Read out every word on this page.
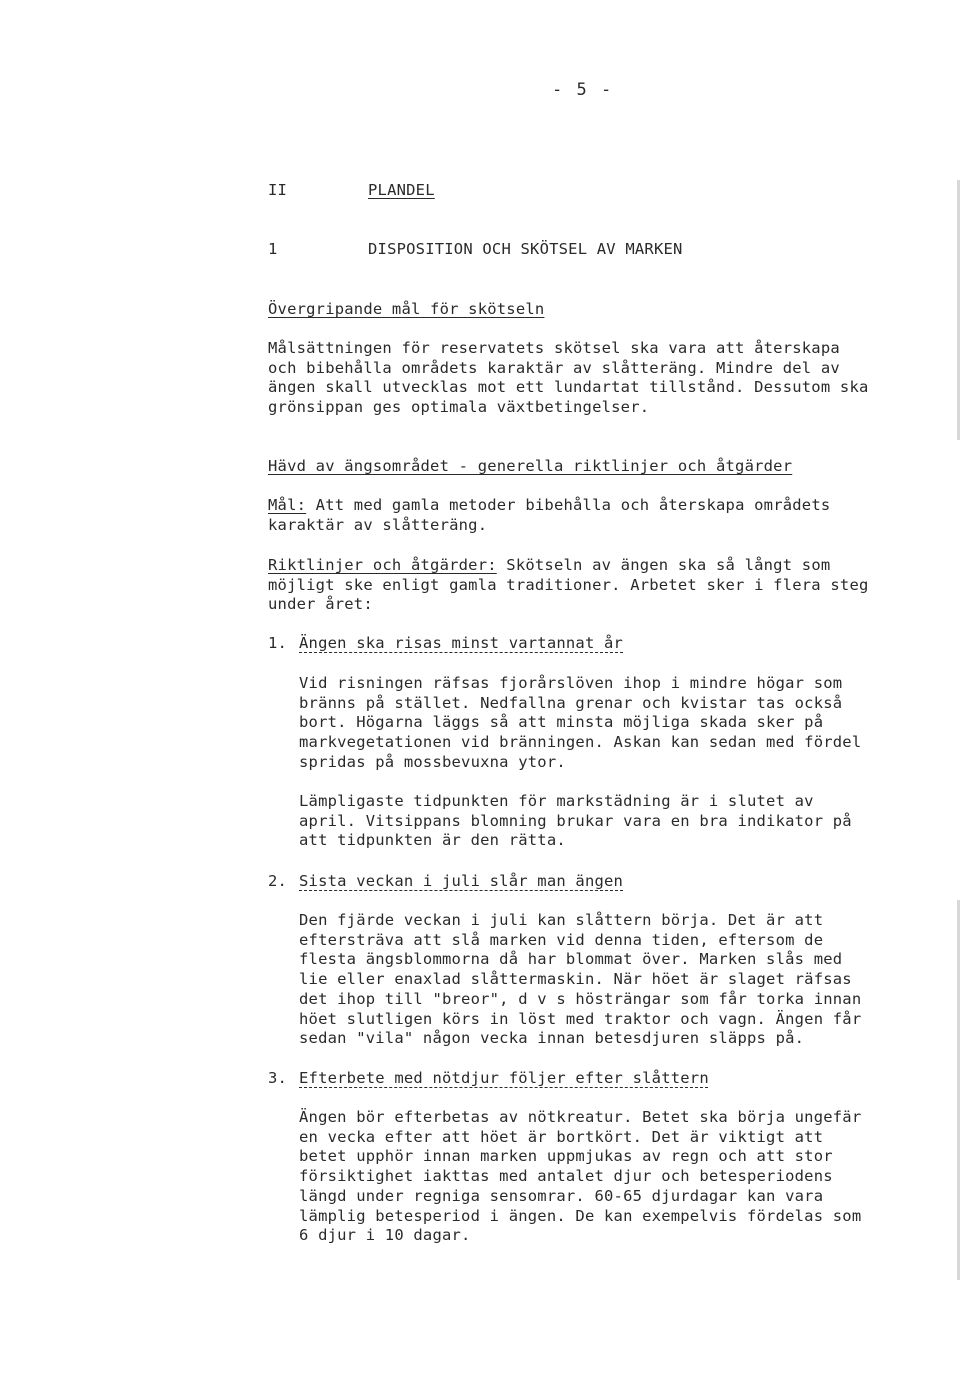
- 5 -
II	PLANDEL
1	DISPOSITION OCH SKÖTSEL AV MARKEN
Övergripande mål för skötseln
Målsättningen för reservatets skötsel ska vara att återskapa
och bibehålla områdets karaktär av slåtteräng. Mindre del av
ängen skall utvecklas mot ett lundartat tillstånd. Dessutom ska
grönsippan ges optimala växtbetingelser.
Hävd av ängsområdet - generella riktlinjer och åtgärder
Mål: Att med gamla metoder bibehålla och återskapa områdets
karaktär av slåtteräng.
Riktlinjer och åtgärder: Skötseln av ängen ska så långt som
möjligt ske enligt gamla traditioner. Arbetet sker i flera steg
under året:
1. Ängen ska risas minst vartannat år
Vid risningen räfsas fjorårslöven ihop i mindre högar som
bränns på stället. Nedfallna grenar och kvistar tas också
bort. Högarna läggs så att minsta möjliga skada sker på
markvegetationen vid bränningen. Askan kan sedan med fördel
spridas på mossbevuxna ytor.
Lämpligaste tidpunkten för markstädning är i slutet av
april. Vitsippans blomning brukar vara en bra indikator på
att tidpunkten är den rätta.
2. Sista veckan i juli slår man ängen
Den fjärde veckan i juli kan slåttern börja. Det är att
eftersträva att slå marken vid denna tiden, eftersom de
flesta ängsblommorna då har blommat över. Marken slås med
lie eller enaxlad slåttermaskin. När höet är slaget räfsas
det ihop till "breor", d v s hösträngar som får torka innan
höet slutligen körs in löst med traktor och vagn. Ängen får
sedan "vila" någon vecka innan betesdjuren släpps på.
3. Efterbete med nötdjur följer efter slåttern
Ängen bör efterbetas av nötkreatur. Betet ska börja ungefär
en vecka efter att höet är bortkört. Det är viktigt att
betet upphör innan marken uppmjukas av regn och att stor
försiktighet iakttas med antalet djur och betesperiodens
längd under regniga sensomrar. 60-65 djurdagar kan vara
lämplig betesperiod i ängen. De kan exempelvis fördelas som
6 djur i 10 dagar.
